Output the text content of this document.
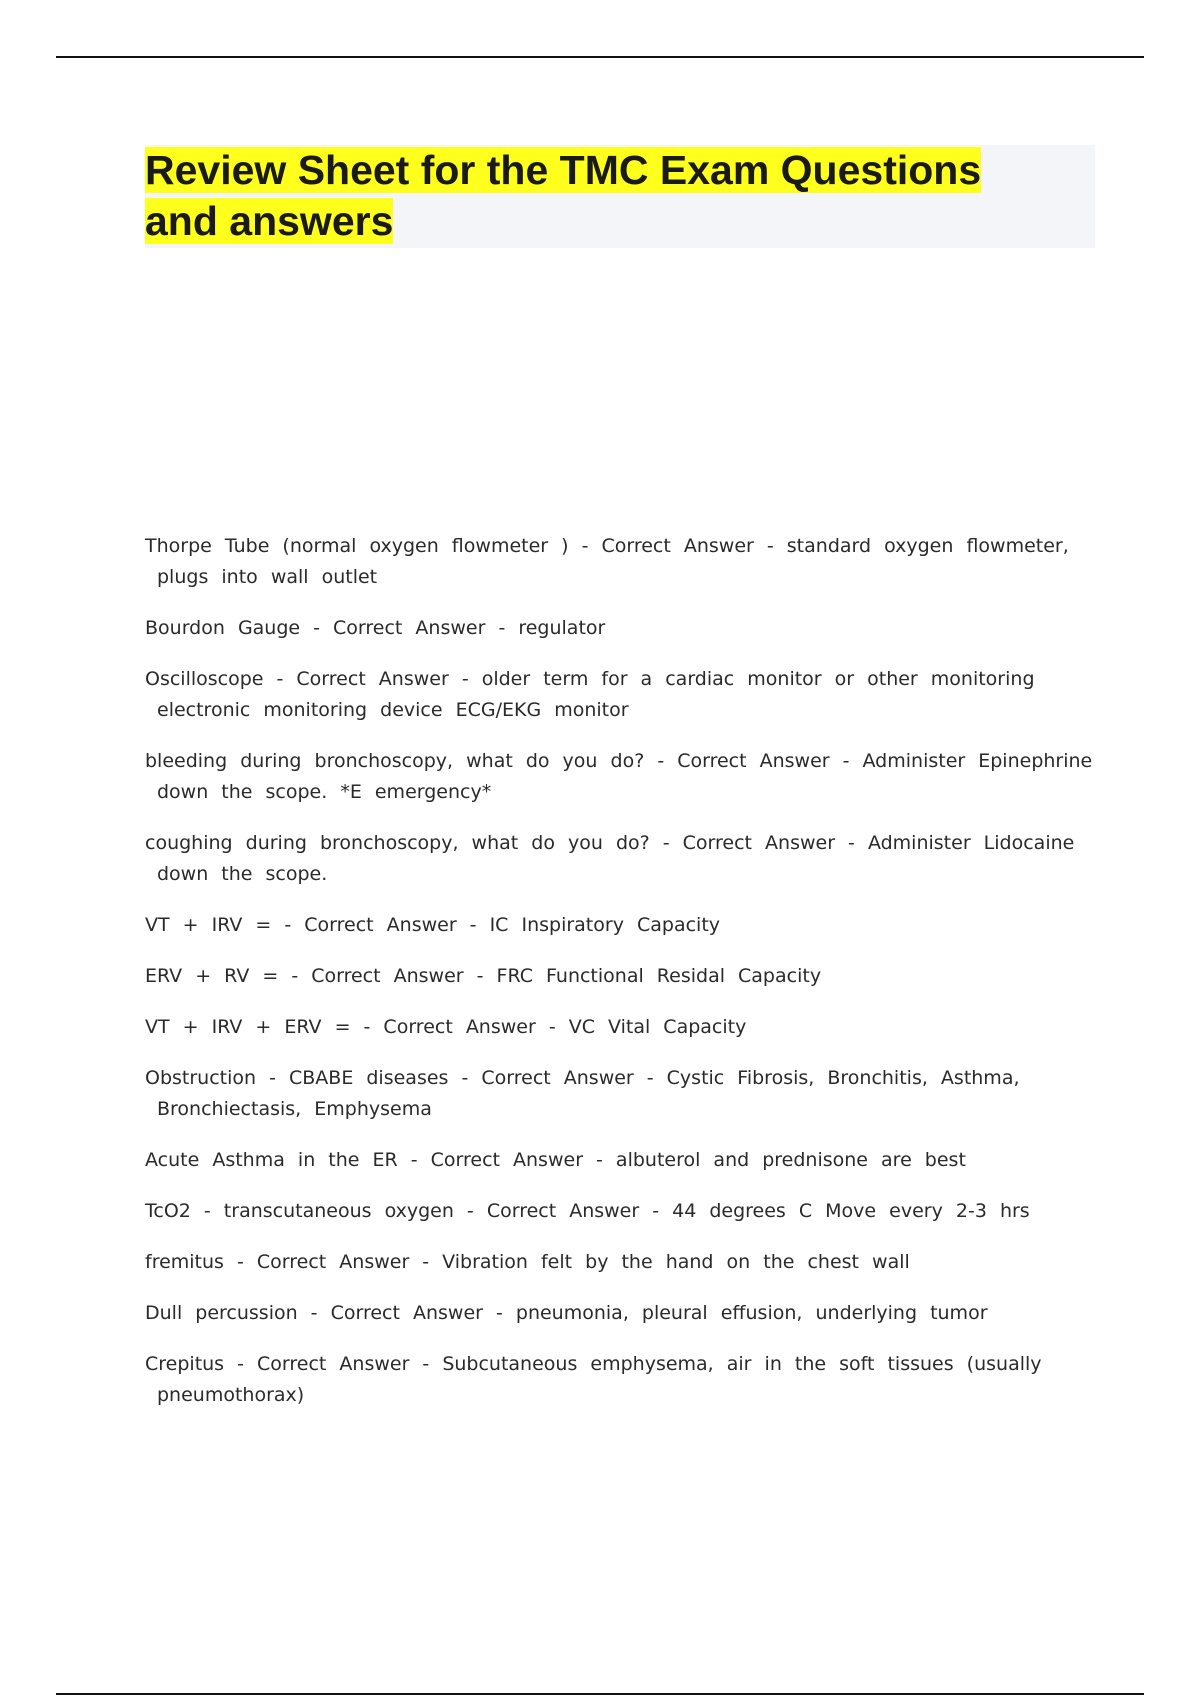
Review Sheet for the TMC Exam Questions
and answers

Thorpe Tube (normal oxygen flowmeter ) - Correct Answer - standard oxygen flowmeter, plugs into wall outlet

Bourdon Gauge - Correct Answer - regulator

Oscilloscope - Correct Answer - older term for a cardiac monitor or other monitoring electronic monitoring device ECG/EKG monitor

bleeding during bronchoscopy, what do you do? - Correct Answer - Administer Epinephrine down the scope. *E emergency*

coughing during bronchoscopy, what do you do? - Correct Answer - Administer Lidocaine down the scope.

VT + IRV = - Correct Answer - IC Inspiratory Capacity

ERV + RV = - Correct Answer - FRC Functional Residal Capacity

VT + IRV + ERV = - Correct Answer - VC Vital Capacity

Obstruction - CBABE diseases - Correct Answer - Cystic Fibrosis, Bronchitis, Asthma, Bronchiectasis, Emphysema

Acute Asthma in the ER - Correct Answer - albuterol and prednisone are best

TcO2 - transcutaneous oxygen - Correct Answer - 44 degrees C Move every 2-3 hrs

fremitus - Correct Answer - Vibration felt by the hand on the chest wall

Dull percussion - Correct Answer - pneumonia, pleural effusion, underlying tumor

Crepitus - Correct Answer - Subcutaneous emphysema, air in the soft tissues (usually pneumothorax)
